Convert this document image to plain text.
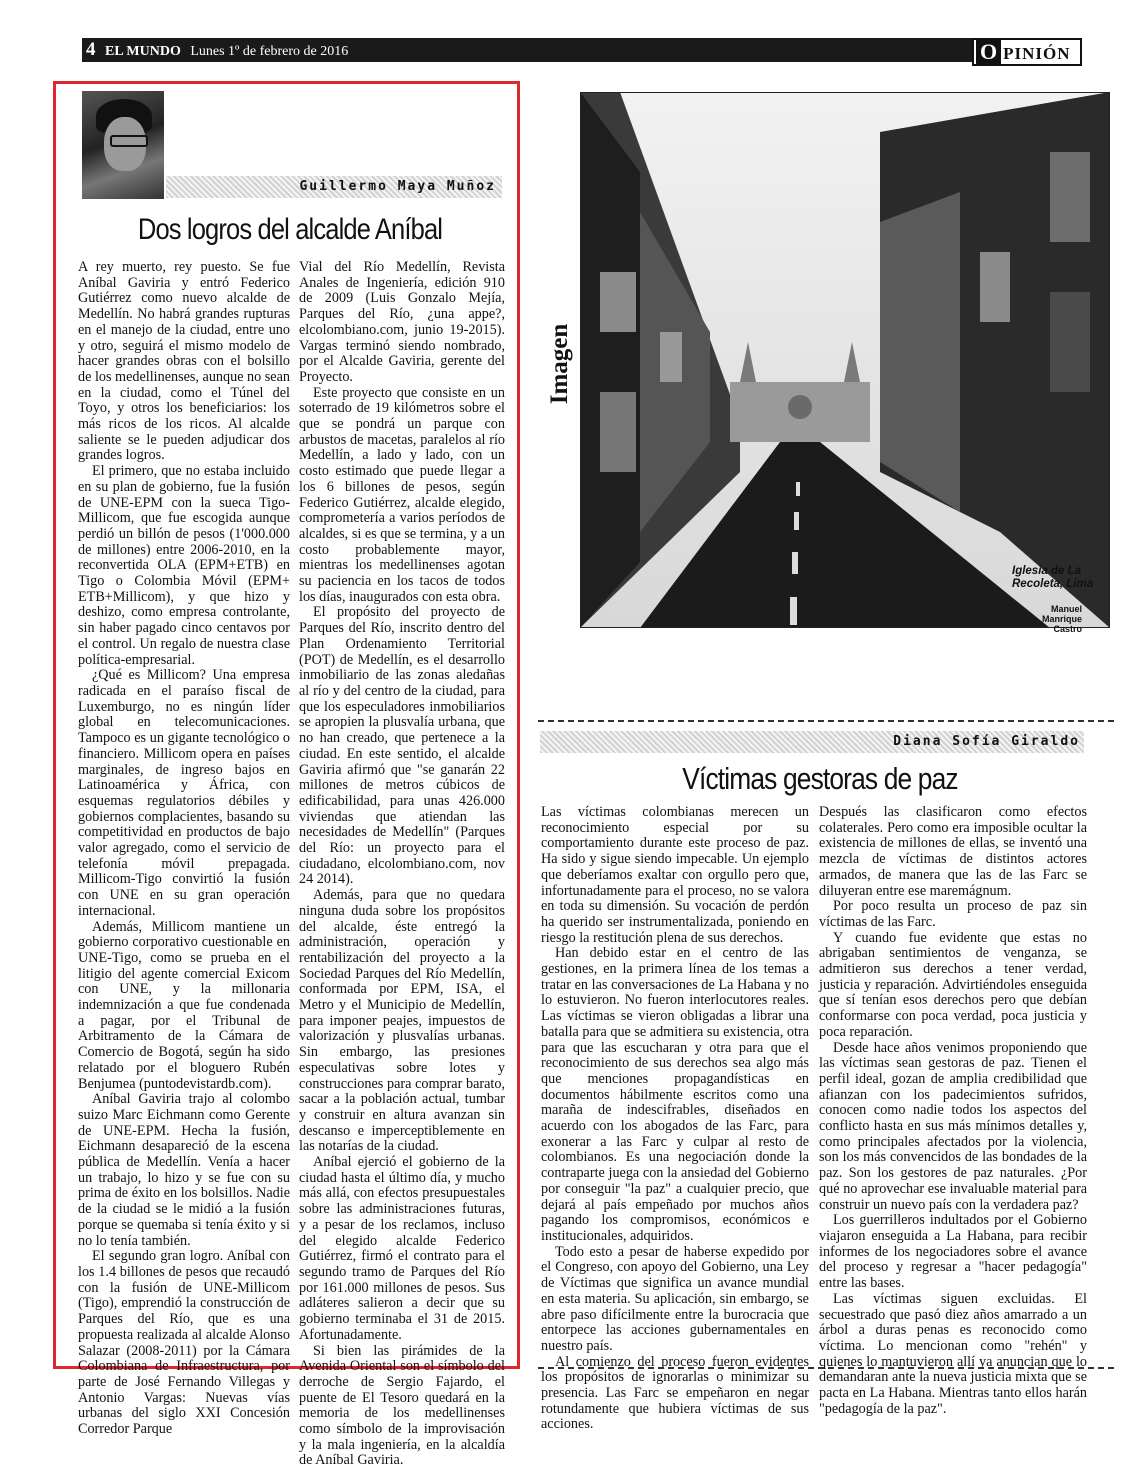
4 EL MUNDO Lunes 1º de febrero de 2016	O PINIÓN
Guillermo Maya Muñoz
Dos logros del alcalde Aníbal

A rey muerto, rey puesto. Se fue Aníbal Gaviria y entró Federico Gutiérrez como nuevo alcalde de Medellín. No habrá grandes rupturas en el manejo de la ciudad, entre uno y otro, seguirá el mismo modelo de hacer grandes obras con el bolsillo de los medellinenses, aunque no sean en la ciudad, como el Túnel del Toyo, y otros los beneficiarios: los más ricos de los ricos. Al alcalde saliente se le pueden adjudicar dos grandes logros.

El primero, que no estaba incluido en su plan de gobierno, fue la fusión de UNE-EPM con la sueca Tigo-Millicom, que fue escogida aunque perdió un billón de pesos (1'000.000 de millones) entre 2006-2010, en la reconvertida OLA (EPM+ETB) en Tigo o Colombia Móvil (EPM+ ETB+Millicom), y que hizo y deshizo, como empresa controlante, sin haber pagado cinco centavos por el control. Un regalo de nuestra clase política-empresarial.

¿Qué es Millicom? Una empresa radicada en el paraíso fiscal de Luxemburgo, no es ningún líder global en telecomunicaciones. Tampoco es un gigante tecnológico o financiero. Millicom opera en países marginales, de ingreso bajos en Latinoamérica y África, con esquemas regulatorios débiles y gobiernos complacientes, basando su competitividad en productos de bajo valor agregado, como el servicio de telefonía móvil prepagada. Millicom-Tigo convirtió la fusión con UNE en su gran operación internacional.

Además, Millicom mantiene un gobierno corporativo cuestionable en UNE-Tigo, como se prueba en el litigio del agente comercial Exicom con UNE, y la millonaria indemnización a que fue condenada a pagar, por el Tribunal de Arbitramento de la Cámara de Comercio de Bogotá, según ha sido relatado por el bloguero Rubén Benjumea (puntodevistardb.com).

Aníbal Gaviria trajo al colombo suizo Marc Eichmann como Gerente de UNE-EPM. Hecha la fusión, Eichmann desapareció de la escena pública de Medellín. Venía a hacer un trabajo, lo hizo y se fue con su prima de éxito en los bolsillos. Nadie de la ciudad se le midió a la fusión porque se quemaba si tenía éxito y si no lo tenía también.

El segundo gran logro. Aníbal con los 1.4 billones de pesos que recaudó con la fusión de UNE-Millicom (Tigo), emprendió la construcción de Parques del Río, que es una propuesta realizada al alcalde Alonso Salazar (2008-2011) por la Cámara Colombiana de Infraestructura, por parte de José Fernando Villegas y Antonio Vargas: Nuevas vías urbanas del siglo XXI Concesión Corredor Parque

Vial del Río Medellín, Revista Anales de Ingeniería, edición 910 de 2009 (Luis Gonzalo Mejía, Parques del Río, ¿una appe?, elcolombiano.com, junio 19-2015). Vargas terminó siendo nombrado, por el Alcalde Gaviria, gerente del Proyecto.

Este proyecto que consiste en un soterrado de 19 kilómetros sobre el que se pondrá un parque con arbustos de macetas, paralelos al río Medellín, a lado y lado, con un costo estimado que puede llegar a los 6 billones de pesos, según Federico Gutiérrez, alcalde elegido, comprometería a varios períodos de alcaldes, si es que se termina, y a un costo probablemente mayor, mientras los medellinenses agotan su paciencia en los tacos de todos los días, inaugurados con esta obra.

El propósito del proyecto de Parques del Río, inscrito dentro del Plan Ordenamiento Territorial (POT) de Medellín, es el desarrollo inmobiliario de las zonas aledañas al río y del centro de la ciudad, para que los especuladores inmobiliarios se apropien la plusvalía urbana, que no han creado, que pertenece a la ciudad. En este sentido, el alcalde Gaviria afirmó que "se ganarán 22 millones de metros cúbicos de edificabilidad, para unas 426.000 viviendas que atiendan las necesidades de Medellín" (Parques del Río: un proyecto para el ciudadano, elcolombiano.com, nov 24 2014).

Además, para que no quedara ninguna duda sobre los propósitos del alcalde, éste entregó la administración, operación y rentabilización del proyecto a la Sociedad Parques del Río Medellín, conformada por EPM, ISA, el Metro y el Municipio de Medellín, para imponer peajes, impuestos de valorización y plusvalías urbanas. Sin embargo, las presiones especulativas sobre lotes y construcciones para comprar barato, sacar a la población actual, tumbar y construir en altura avanzan sin descanso e imperceptiblemente en las notarías de la ciudad.

Aníbal ejerció el gobierno de la ciudad hasta el último día, y mucho más allá, con efectos presupuestales sobre las administraciones futuras, y a pesar de los reclamos, incluso del elegido alcalde Federico Gutiérrez, firmó el contrato para el segundo tramo de Parques del Río por 161.000 millones de pesos. Sus adláteres salieron a decir que su gobierno terminaba el 31 de 2015. Afortunadamente.

Si bien las pirámides de la Avenida Oriental son el símbolo del derroche de Sergio Fajardo, el puente de El Tesoro quedará en la memoria de los medellinenses como símbolo de la improvisación y la mala ingeniería, en la alcaldía de Aníbal Gaviria.

Imagen
Iglesia de La Recoleta, Lima
Manuel Manrique Castro
Diana Sofía Giraldo
Víctimas gestoras de paz

Las víctimas colombianas merecen un reconocimiento especial por su comportamiento durante este proceso de paz. Ha sido y sigue siendo impecable. Un ejemplo que deberíamos exaltar con orgullo pero que, infortunadamente para el proceso, no se valora en toda su dimensión. Su vocación de perdón ha querido ser instrumentalizada, poniendo en riesgo la restitución plena de sus derechos.

Han debido estar en el centro de las gestiones, en la primera línea de los temas a tratar en las conversaciones de La Habana y no lo estuvieron. No fueron interlocutores reales. Las víctimas se vieron obligadas a librar una batalla para que se admitiera su existencia, otra para que las escucharan y otra para que el reconocimiento de sus derechos sea algo más que menciones propagandísticas en documentos hábilmente escritos como una maraña de indescifrables, diseñados en acuerdo con los abogados de las Farc, para exonerar a las Farc y culpar al resto de colombianos. Es una negociación donde la contraparte juega con la ansiedad del Gobierno por conseguir "la paz" a cualquier precio, que dejará al país empeñado por muchos años pagando los compromisos, económicos e institucionales, adquiridos.

Todo esto a pesar de haberse expedido por el Congreso, con apoyo del Gobierno, una Ley de Víctimas que significa un avance mundial en esta materia. Su aplicación, sin embargo, se abre paso difícilmente entre la burocracia que entorpece las acciones gubernamentales en nuestro país.

Al comienzo del proceso fueron evidentes los propósitos de ignorarlas o minimizar su presencia. Las Farc se empeñaron en negar rotundamente que hubiera víctimas de sus acciones.

Después las clasificaron como efectos colaterales. Pero como era imposible ocultar la existencia de millones de ellas, se inventó una mezcla de víctimas de distintos actores armados, de manera que las de las Farc se diluyeran entre ese maremágnum.

Por poco resulta un proceso de paz sin víctimas de las Farc.

Y cuando fue evidente que estas no abrigaban sentimientos de venganza, se admitieron sus derechos a tener verdad, justicia y reparación. Advirtiéndoles enseguida que sí tenían esos derechos pero que debían conformarse con poca verdad, poca justicia y poca reparación.

Desde hace años venimos proponiendo que las víctimas sean gestoras de paz. Tienen el perfil ideal, gozan de amplia credibilidad que afianzan con los padecimientos sufridos, conocen como nadie todos los aspectos del conflicto hasta en sus más mínimos detalles y, como principales afectados por la violencia, son los más convencidos de las bondades de la paz. Son los gestores de paz naturales. ¿Por qué no aprovechar ese invaluable material para construir un nuevo país con la verdadera paz?

Los guerrilleros indultados por el Gobierno viajaron enseguida a La Habana, para recibir informes de los negociadores sobre el avance del proceso y regresar a "hacer pedagogía" entre las bases.

Las víctimas siguen excluidas. El secuestrado que pasó diez años amarrado a un árbol a duras penas es reconocido como víctima. Lo mencionan como "rehén" y quienes lo mantuvieron allí ya anuncian que lo demandaran ante la nueva justicia mixta que se pacta en La Habana. Mientras tanto ellos harán "pedagogía de la paz".
